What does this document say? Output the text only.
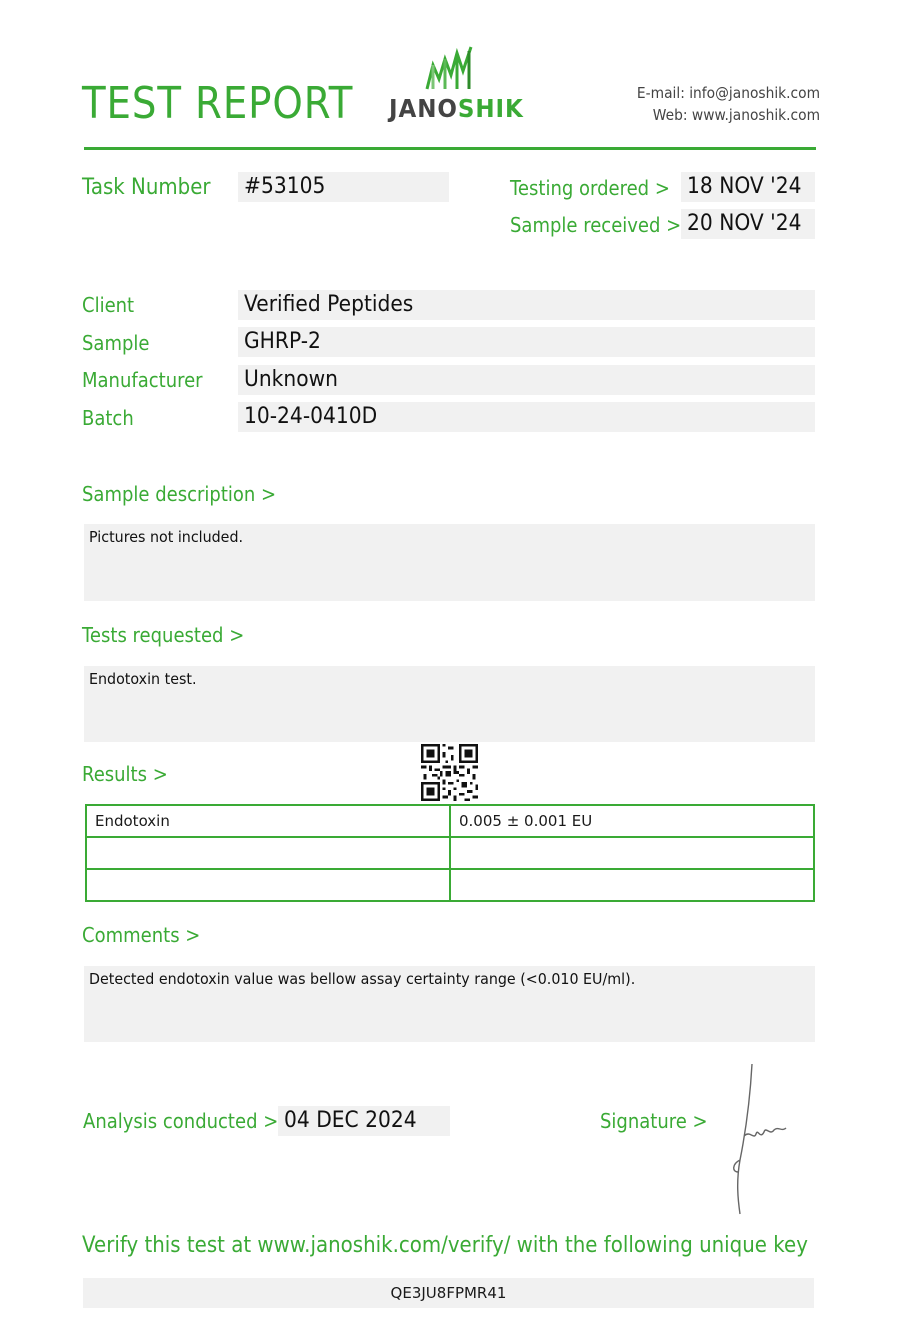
TEST REPORT JANOSHIK
E-mail: info@janoshik.com
Web: www.janoshik.com
Task Number #53105	Testing ordered > 18 NOV '24
Sample received > 20 NOV '24
Client	Verified Peptides
Sample	GHRP-2
Manufacturer Unknown
Batch	10-24-0410D
Sample description >
Pictures not included.
Tests requested >
Endotoxin test.
Results >
Endotoxin	0.005 ± 0.001 EU

Comments >
Detected endotoxin value was bellow assay certainty range (<0.010 EU/ml).
Analysis conducted > 04 DEC 2024	Signature >
Verify this test at www.janoshik.com/verify/ with the following unique key
QE3JU8FPMR41
